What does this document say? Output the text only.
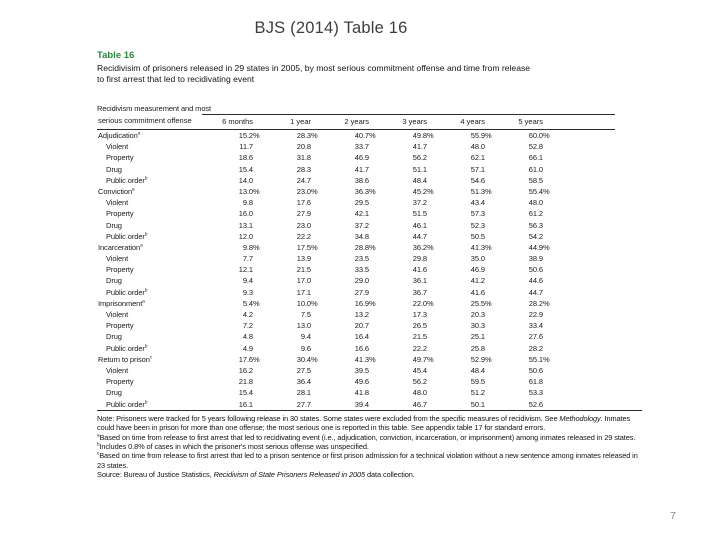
BJS (2014) Table 16
Table 16
Recidivisim of prisoners released in 29 states in 2005, by most serious commitment offense and time from release
to first arrest that led to recidivating event
Recidivism measurement and most
serious commitment offense	6 months	1 year	2 years	3 years	4 years	5 years
Adjudication$^a$	15.2 %	28.3 %	40.7 %	49.8 %	55.9 %	60.0 %
Violent	11.7	20.8	33.7	41.7	48.0	52.8
Property	18.6	31.8	46.9	56.2	62.1	66.1
Drug	15.4	28.3	41.7	51.1	57.1	61.0
Public order$^b$	14.0	24.7	38.6	48.4	54.6	58.5
Conviction$^a$	13.0 %	23.0 %	36.3 %	45.2 %	51.3 %	55.4 %
Violent	9.8	17.6	29.5	37.2	43.4	48.0
Property	16.0	27.9	42.1	51.5	57.3	61.2
Drug	13.1	23.0	37.2	46.1	52.3	56.3
Public order$^b$	12.0	22.2	34.8	44.7	50.5	54.2
Incarceration$^a$	9.8 %	17.5 %	28.8 %	36.2 %	41.3 %	44.9 %
Violent	7.7	13.9	23.5	29.8	35.0	38.9
Property	12.1	21.5	33.5	41.6	46.9	50.6
Drug	9.4	17.0	29.0	36.1	41.2	44.6
Public order$^b$	9.3	17.1	27.9	36.7	41.6	44.7
Imprisonment$^a$	5.4 %	10.0 %	16.9 %	22.0 %	25.5 %	28.2 %
Violent	4.2	7.5	13.2	17.3	20.3	22.9
Property	7.2	13.0	20.7	26.5	30.3	33.4
Drug	4.8	9.4	16.4	21.5	25.1	27.6
Public order$^b$	4.9	9.6	16.6	22.2	25.8	28.2
Return to prison$^c$	17.6 %	30.4 %	41.3 %	49.7 %	52.9 %	55.1 %
Violent	16.2	27.5	39.5	45.4	48.4	50.6
Property	21.8	36.4	49.6	56.2	59.5	61.8
Drug	15.4	28.1	41.8	48.0	51.2	53.3
Public order$^b$	16.1	27.7	39.4	46.7	50.1	52.6
Note: Prisoners were tracked for 5 years following release in 30 states. Some states were excluded from the specific measures of recidivism. See Methodology. Inmates could have been in prison for more than one offense; the most serious one is reported in this table. See appendix table 17 for standard errors.
$^a$Based on time from release to first arrest that led to recidivating event (i.e., adjudication, conviction, incarceration, or imprisonment) among inmates released in 29 states.
$^b$Includes 0.8% of cases in which the prisoner's most serious offense was unspecified.
$^c$Based on time from release to first arrest that led to a prison sentence or first prison admission for a technical violation without a new sentence among inmates released in 23 states.
Source: Bureau of Justice Statistics, Recidivism of State Prisoners Released in 2005 data collection.
7
